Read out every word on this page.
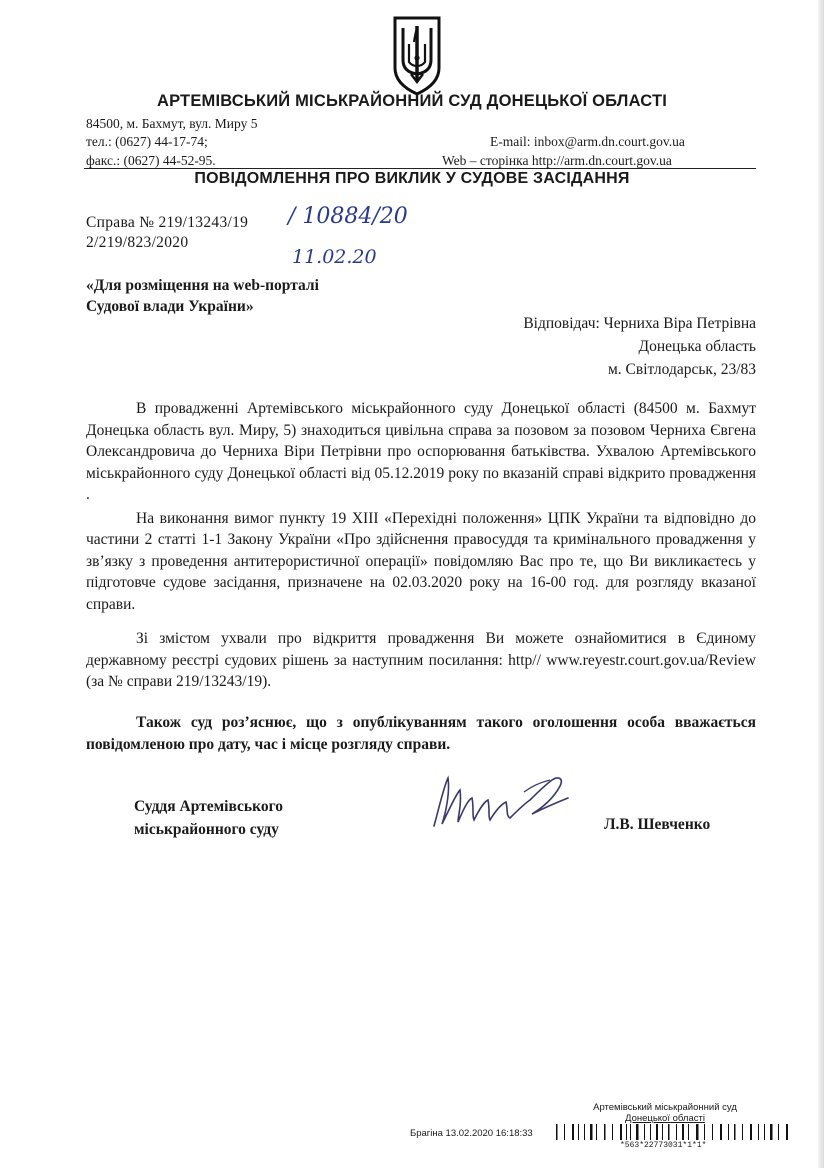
АРТЕМІВСЬКИЙ МІСЬКРАЙОННИЙ СУД ДОНЕЦЬКОЇ ОБЛАСТІ
84500, м. Бахмут, вул. Миру 5
тел.: (0627) 44-17-74;	E-mail: inbox@arm.dn.court.gov.ua
факс.: (0627) 44-52-95.	Web – сторінка http://arm.dn.court.gov.ua
ПОВІДОМЛЕННЯ ПРО ВИКЛИК У СУДОВЕ ЗАСІДАННЯ
Справа № 219/13243/19
2/219/823/2020
/ 10884/20
11.02.20
«Для розміщення на web-порталі
Судової влади України»
Відповідач: Черниха Віра Петрівна
Донецька область
м. Світлодарськ, 23/83

В провадженні Артемівського міськрайонного суду Донецької області (84500 м. Бахмут Донецька область вул. Миру, 5) знаходиться цивільна справа за позовом за позовом Черниха Євгена Олександровича до Черниха Віри Петрівни про оспорювання батьківства. Ухвалою Артемівського міськрайонного суду Донецької області від 05.12.2019 року по вказаній справі відкрито провадження .

На виконання вимог пункту 19 XIII «Перехідні положення» ЦПК України та відповідно до частини 2 статті 1-1 Закону України «Про здійснення правосуддя та кримінального провадження у зв’язку з проведення антитерористичної операції» повідомляю Вас про те, що Ви викликаєтесь у підготовче судове засідання, призначене на 02.03.2020 року на 16-00 год. для розгляду вказаної справи.

Зі змістом ухвали про відкриття провадження Ви можете ознайомитися в Єдиному державному реєстрі судових рішень за наступним посилання: http// www.reyestr.court.gov.ua/Review (за № справи 219/13243/19).

Також суд роз’яснює, що з опублікуванням такого оголошення особа вважається повідомленою про дату, час і місце розгляду справи.
Суддя Артемівського
міськрайонного суду	Л.В. Шевченко
Артемівський міськрайонний суд
Донецької області
Брагіна 13.02.2020 16:18:33
*563*22773031*1*1*
